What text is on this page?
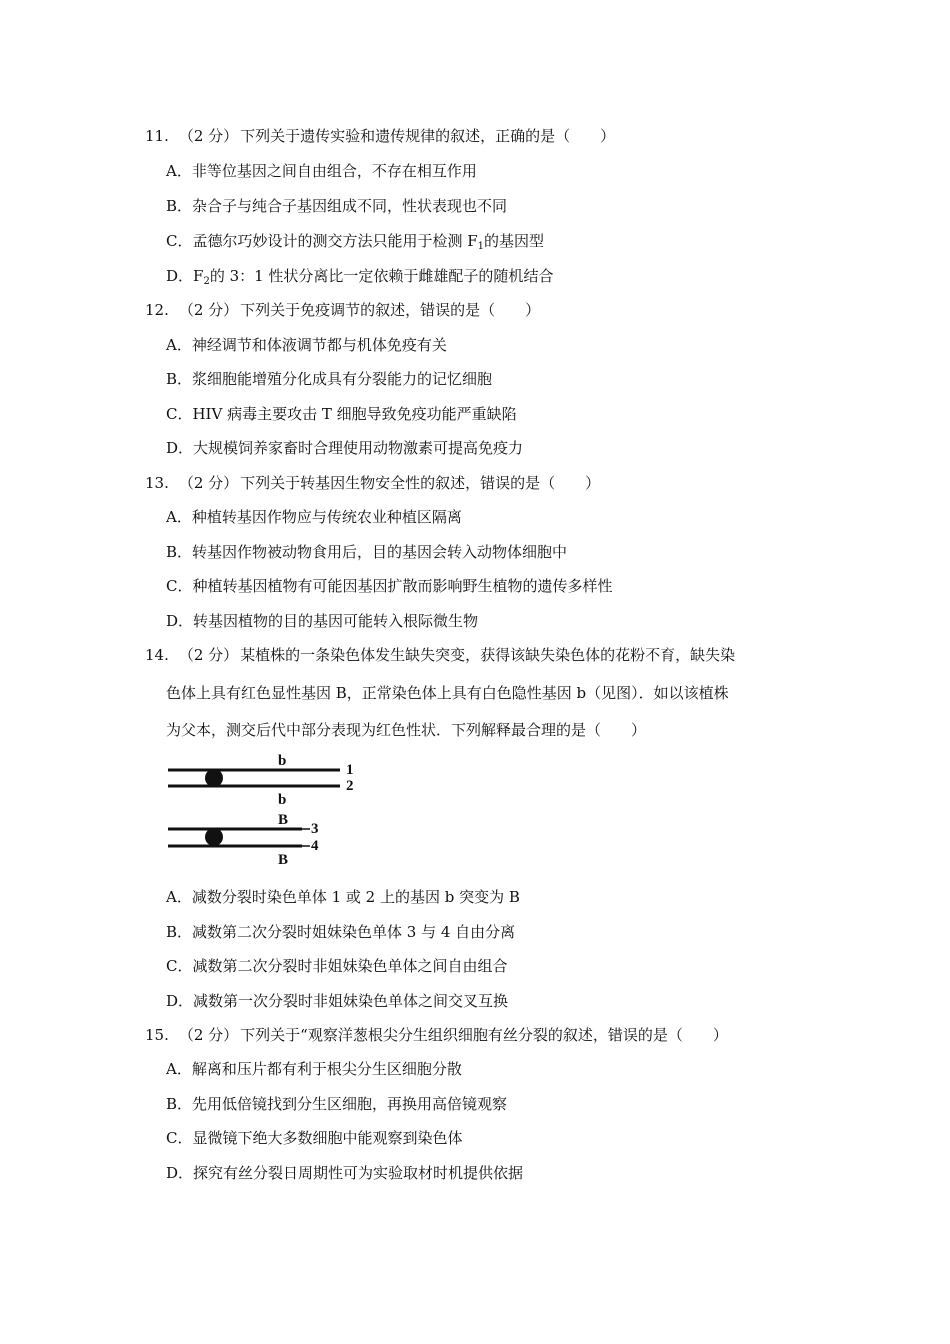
11. （2 分） 下列关于遗传实验和遗传规律的叙述，正确的是（　　）
A．非等位基因之间自由组合，不存在相互作用
B．杂合子与纯合子基因组成不同，性状表现也不同
C．孟德尔巧妙设计的测交方法只能用于检测 $F_1$的基因型
D．$F_2$的 3：1 性状分离比一定依赖于雌雄配子的随机结合
12. （2 分） 下列关于免疫调节的叙述，错误的是（　　）
A．神经调节和体液调节都与机体免疫有关
B．浆细胞能增殖分化成具有分裂能力的记忆细胞
C．HIV 病毒主要攻击 T 细胞导致免疫功能严重缺陷
D．大规模饲养家畜时合理使用动物激素可提高免疫力
13. （2 分） 下列关于转基因生物安全性的叙述，错误的是（　　）
A．种植转基因作物应与传统农业种植区隔离
B．转基因作物被动物食用后，目的基因会转入动物体细胞中
C．种植转基因植物有可能因基因扩散而影响野生植物的遗传多样性
D．转基因植物的目的基因可能转入根际微生物
14. （2 分） 某植株的一条染色体发生缺失突变，获得该缺失染色体的花粉不育，缺失染
色体上具有红色显性基因 B，正常染色体上具有白色隐性基因 b（见图）．如以该植株
为父本，测交后代中部分表现为红色性状．下列解释最合理的是（　　）
b
1
2
b
B
3
4
B
A．减数分裂时染色单体 1 或 2 上的基因 b 突变为 B
B．减数第二次分裂时姐妹染色单体 3 与 4 自由分离
C．减数第二次分裂时非姐妹染色单体之间自由组合
D．减数第一次分裂时非姐妹染色单体之间交叉互换
15. （2 分） 下列关于“观察洋葱根尖分生组织细胞有丝分裂的叙述，错误的是（　　）
A．解离和压片都有利于根尖分生区细胞分散
B．先用低倍镜找到分生区细胞，再换用高倍镜观察
C．显微镜下绝大多数细胞中能观察到染色体
D．探究有丝分裂日周期性可为实验取材时机提供依据
